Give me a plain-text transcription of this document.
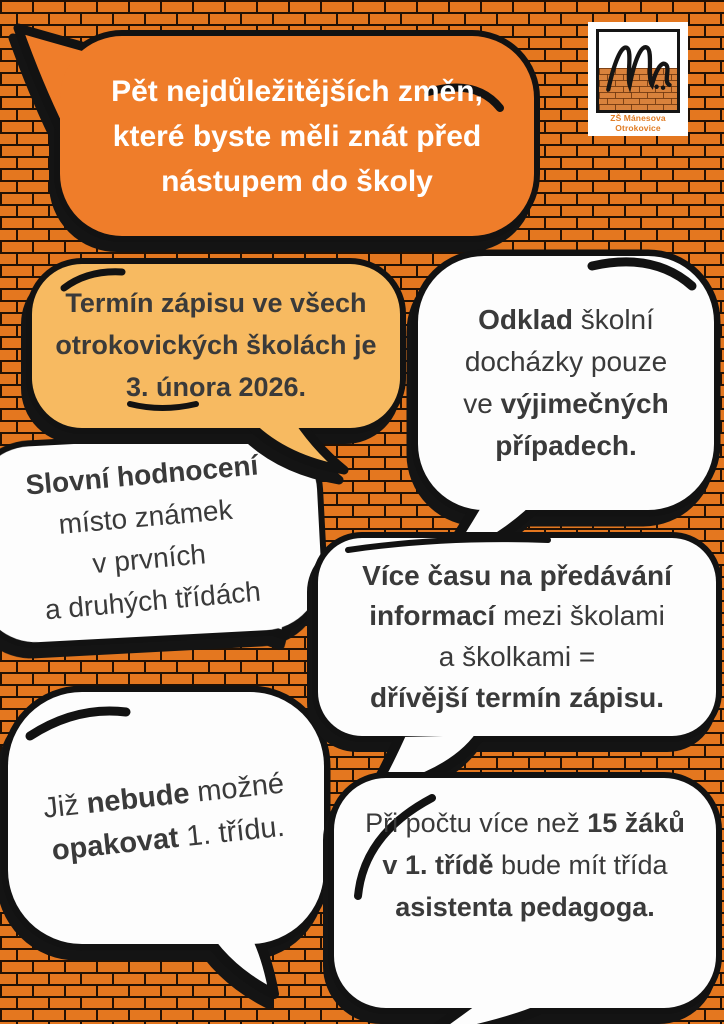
ZŠ Mánesova Otrokovice
Pět nejdůležitějších změn,
které byste měli znát před
nástupem do školy
Termín zápisu ve všech
otrokovických školách je
3. února 2026.
Odklad školní
docházky pouze
ve výjimečných
případech.
Slovní hodnocení
místo známek
v prvních
a druhých třídách
Více času na předávání
informací mezi školami
a školkami =
dřívější termín zápisu.
Již nebude možné
opakovat 1. třídu.	Při počtu více než 15 žáků
v 1. třídě bude mít třída
asistenta pedagoga.
